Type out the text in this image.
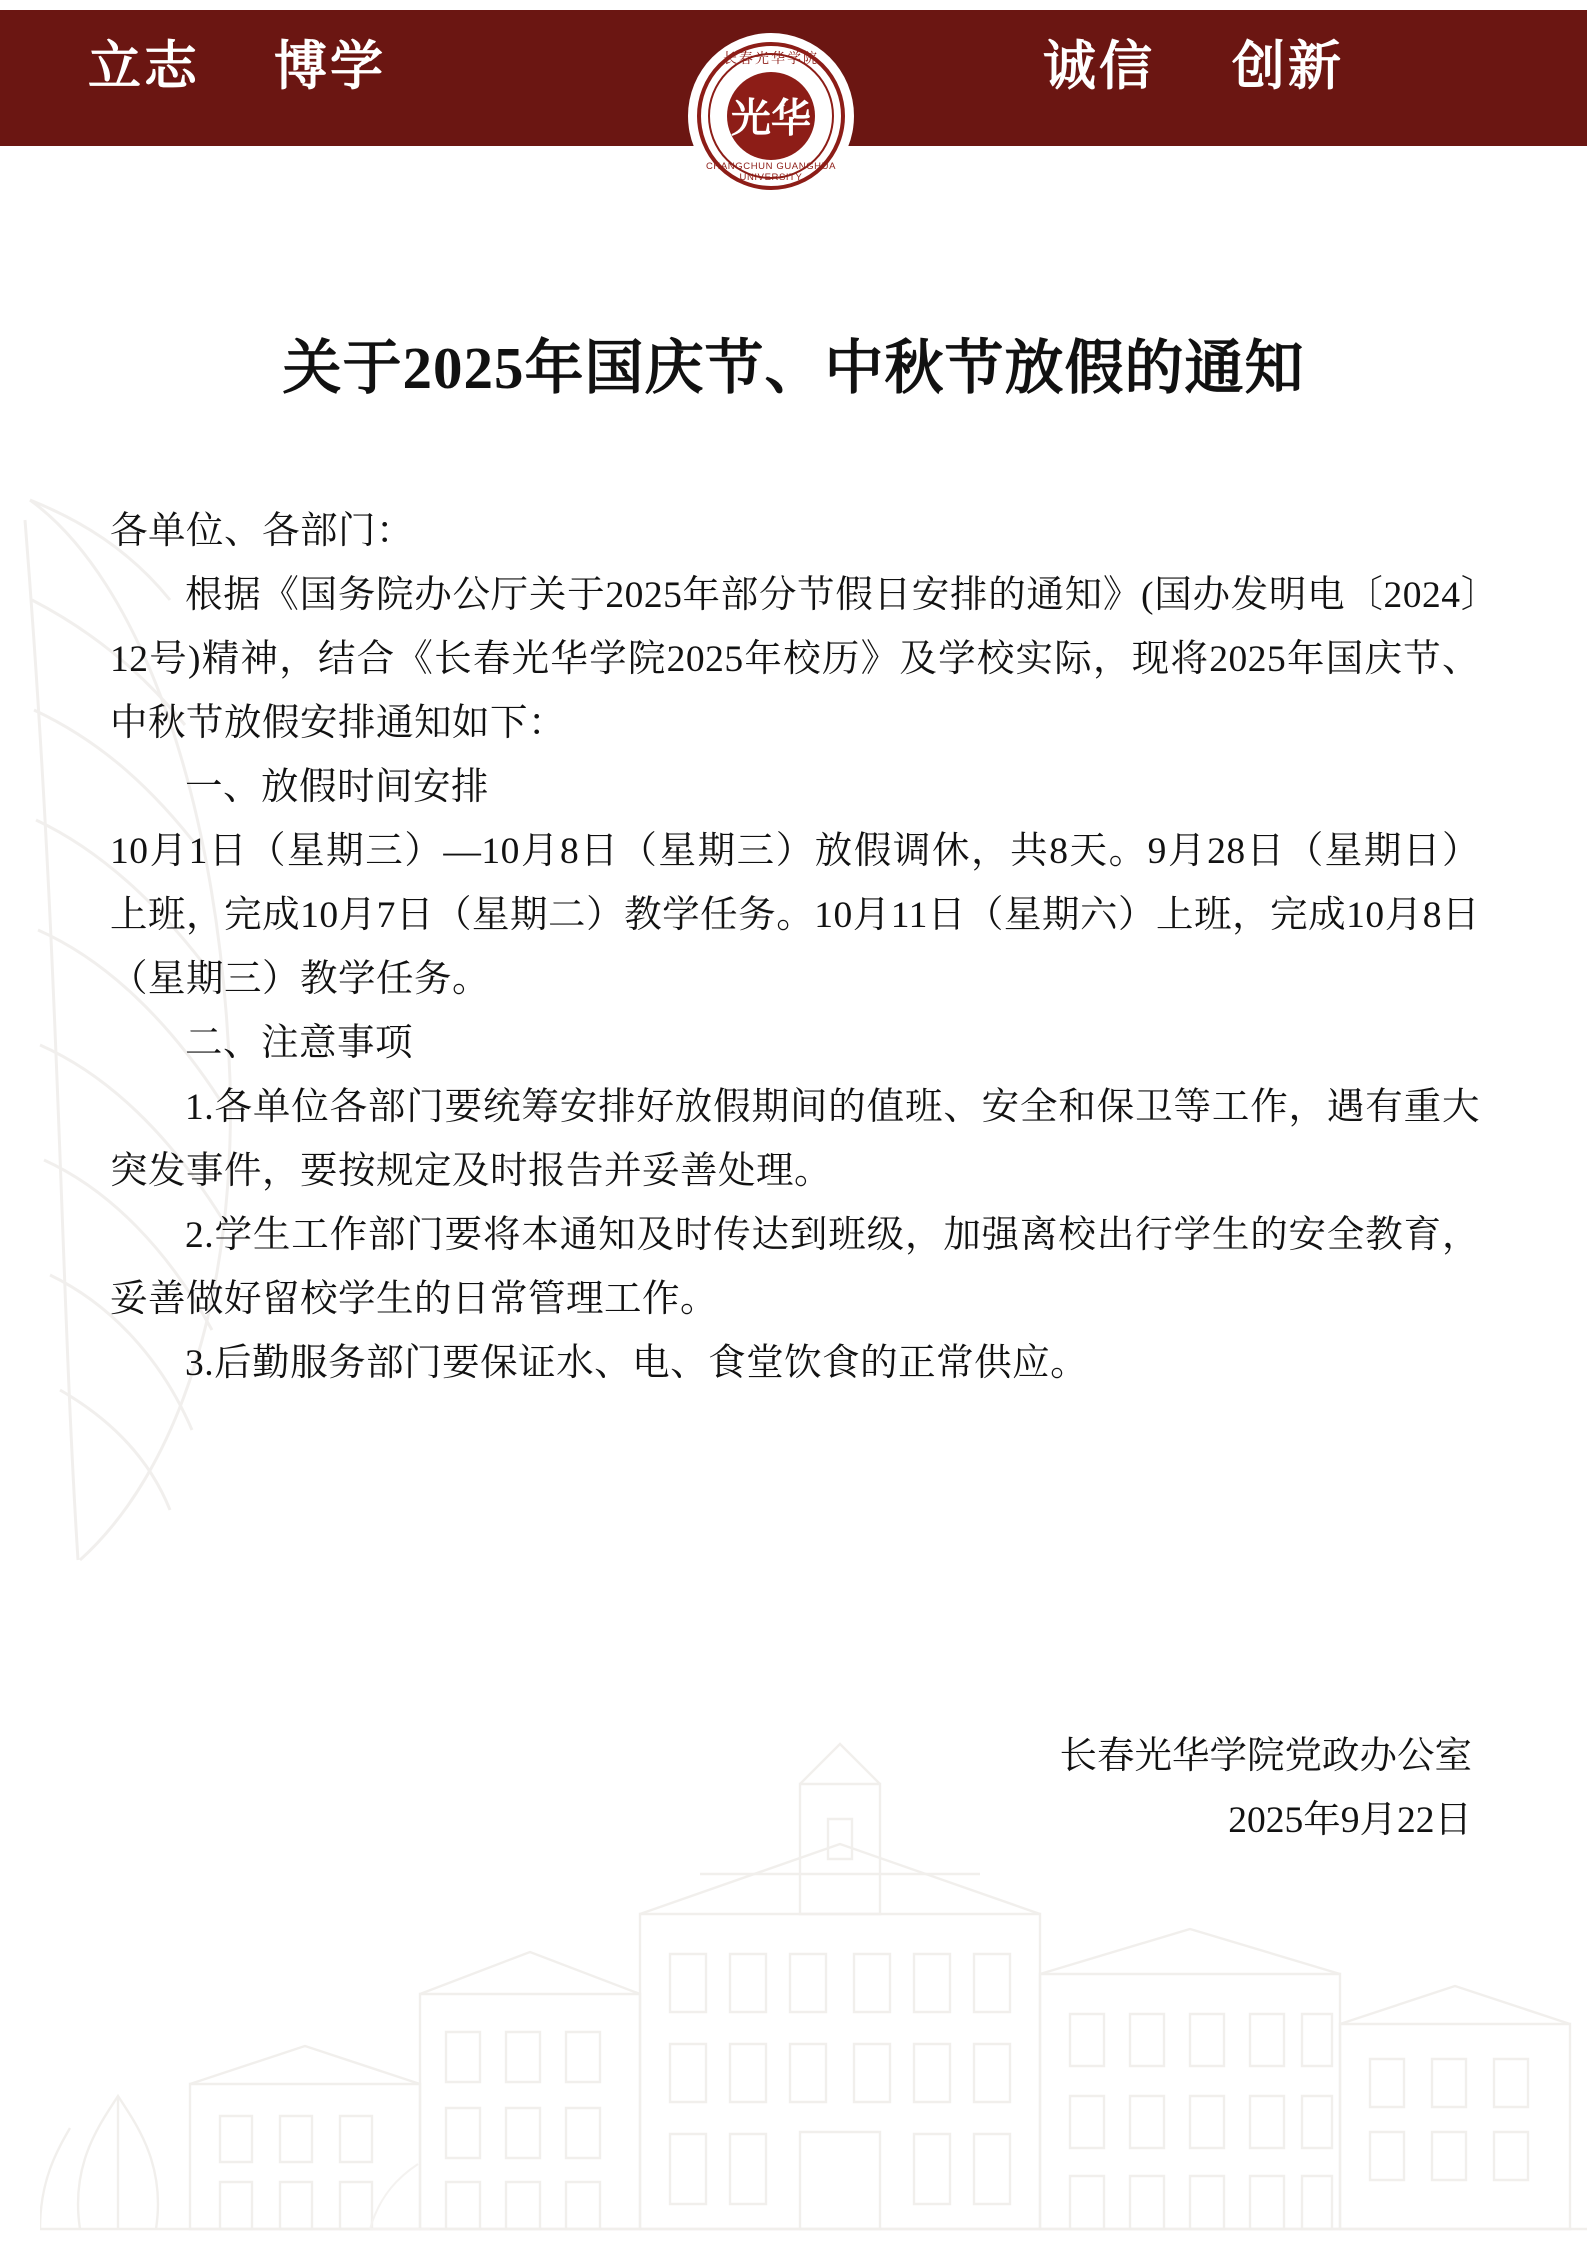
立志 博学	诚信 创新
长春光华学院
光华
CHANGCHUN GUANGHUA UNIVERSITY
关于2025年国庆节、中秋节放假的通知

各单位、各部门：

根据《国务院办公厅关于2025年部分节假日安排的通知》(国办发明电〔2024〕12号)精神，结合《长春光华学院2025年校历》及学校实际，现将2025年国庆节、中秋节放假安排通知如下：

一、放假时间安排

10月1日（星期三）—10月8日（星期三）放假调休，共8天。9月28日（星期日）上班，完成10月7日（星期二）教学任务。10月11日（星期六）上班，完成10月8日（星期三）教学任务。

二、注意事项

1.各单位各部门要统筹安排好放假期间的值班、安全和保卫等工作，遇有重大突发事件，要按规定及时报告并妥善处理。

2.学生工作部门要将本通知及时传达到班级，加强离校出行学生的安全教育，妥善做好留校学生的日常管理工作。

3.后勤服务部门要保证水、电、食堂饮食的正常供应。

长春光华学院党政办公室

2025年9月22日
